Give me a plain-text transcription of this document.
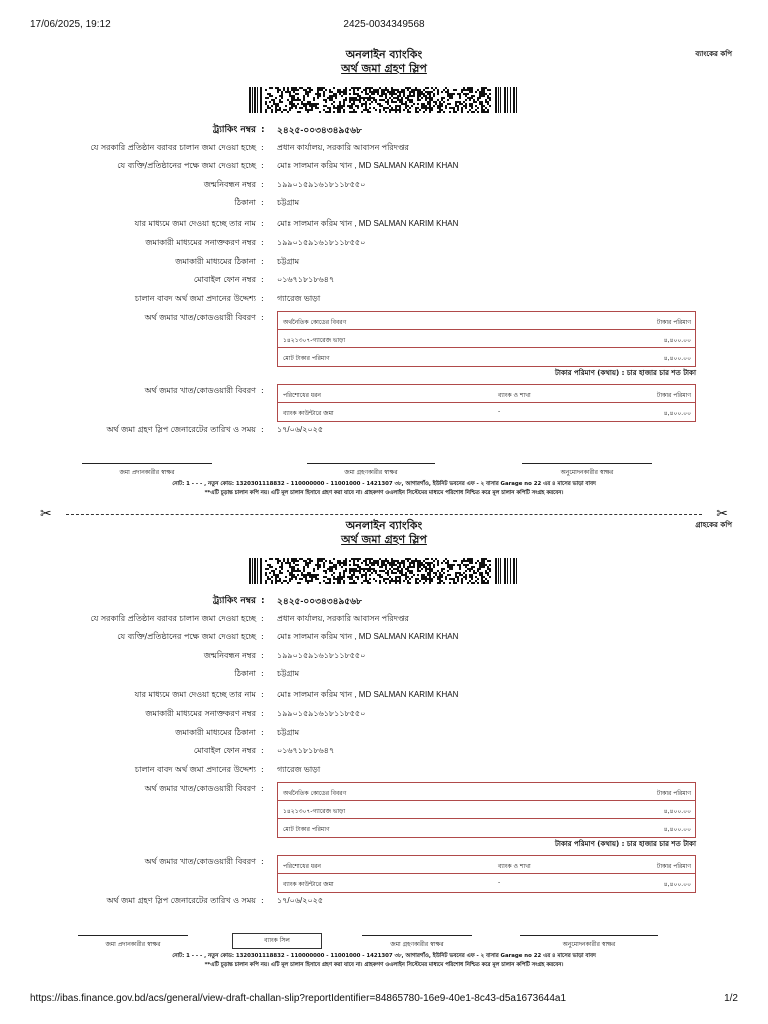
17/06/2025, 19:12	2425-0034349568
ব্যাংকের কপি
অনলাইন ব্যাংকিং
অর্থ জমা গ্রহণ স্লিপ
ট্র্যাকিং নম্বর : ২৪২৫-০০৩৪৩৪৯৫৬৮
যে সরকারি প্রতিষ্ঠান বরাবর চালান জমা দেওয়া হচ্ছে : প্রধান কার্যালয়, সরকারি আবাসন পরিদপ্তর
যে ব্যক্তি/প্রতিষ্ঠানের পক্ষে জমা দেওয়া হচ্ছে : মোঃ সালমান করিম খান , MD SALMAN KARIM KHAN
জন্মনিবন্ধন নম্বর : ১৯৯০১৫৯১৬১৮১১৮৫৫০
ঠিকানা : চট্টগ্রাম
যার মাধ্যমে জমা দেওয়া হচ্ছে তার নাম : মোঃ সালমান করিম খান , MD SALMAN KARIM KHAN
জমাকারী মাধ্যমের সনাক্তকরণ নম্বর : ১৯৯০১৫৯১৬১৮১১৮৫৫০
জমাকারী মাধ্যমের ঠিকানা : চট্টগ্রাম
মোবাইল ফোন নম্বর : ০১৬৭১৮১৮৬৪৭
চালান বাবদ অর্থ জমা প্রদানের উদ্দেশ্য : গ্যারেজ ভাড়া
অর্থ জমার খাত/কোডওয়ারী বিবরণ :
অর্থনৈতিক কোডের বিবরণ	টাকার পরিমাণ
১৪২১৩০৭-গ্যারেজ ভাড়া	৪,৪০০.০০
মোট টাকার পরিমাণ	৪,৪০০.০০
টাকার পরিমাণ (কথায়) : চার হাজার চার শত টাকা
অর্থ জমার খাত/কোডওয়ারী বিবরণ :
পরিশোধের ধরন	ব্যাংক ও শাখা	টাকার পরিমাণ
ব্যাংক কাউন্টারে জমা	-	৪,৪০০.০০
অর্থ জমা গ্রহণ স্লিপ জেনারেটের তারিখ ও সময় : ১৭/০৬/২০২৫
জমা প্রদানকারীর স্বাক্ষর	জমা গ্রহণকারীর স্বাক্ষর	অনুমোদনকারীর স্বাক্ষর
নোট: 1 - - - , নতুন কোড: 1320301118832 - 110000000 - 11001000 - 1421307 ৩৮, আগারগাঁও, ইউনিট ভবনের এফ - ২ বাসার Garage no 22 এর ৪ মাসের ভাড়া বাবদ
**এটি চূড়ান্ত চালান কপি নয়। এটি মূল চালান হিসাবে গ্রহণ করা যাবে না। গ্রাহকগণ ওএলাইন সিস্টেমের মাধ্যমে পরিশোধ নিশ্চিত করে মূল চালান কপিটি সংগ্রহ করবেন।
✂	✂
গ্রাহকের কপি
অনলাইন ব্যাংকিং
অর্থ জমা গ্রহণ স্লিপ
ট্র্যাকিং নম্বর : ২৪২৫-০০৩৪৩৪৯৫৬৮
যে সরকারি প্রতিষ্ঠান বরাবর চালান জমা দেওয়া হচ্ছে : প্রধান কার্যালয়, সরকারি আবাসন পরিদপ্তর
যে ব্যক্তি/প্রতিষ্ঠানের পক্ষে জমা দেওয়া হচ্ছে : মোঃ সালমান করিম খান , MD SALMAN KARIM KHAN
জন্মনিবন্ধন নম্বর : ১৯৯০১৫৯১৬১৮১১৮৫৫০
ঠিকানা : চট্টগ্রাম
যার মাধ্যমে জমা দেওয়া হচ্ছে তার নাম : মোঃ সালমান করিম খান , MD SALMAN KARIM KHAN
জমাকারী মাধ্যমের সনাক্তকরণ নম্বর : ১৯৯০১৫৯১৬১৮১১৮৫৫০
জমাকারী মাধ্যমের ঠিকানা : চট্টগ্রাম
মোবাইল ফোন নম্বর : ০১৬৭১৮১৮৬৪৭
চালান বাবদ অর্থ জমা প্রদানের উদ্দেশ্য : গ্যারেজ ভাড়া
অর্থ জমার খাত/কোডওয়ারী বিবরণ :
অর্থনৈতিক কোডের বিবরণ	টাকার পরিমাণ
১৪২১৩০৭-গ্যারেজ ভাড়া	৪,৪০০.০০
মোট টাকার পরিমাণ	৪,৪০০.০০
টাকার পরিমাণ (কথায়) : চার হাজার চার শত টাকা
অর্থ জমার খাত/কোডওয়ারী বিবরণ :
পরিশোধের ধরন	ব্যাংক ও শাখা	টাকার পরিমাণ
ব্যাংক কাউন্টারে জমা	-	৪,৪০০.০০
অর্থ জমা গ্রহণ স্লিপ জেনারেটের তারিখ ও সময় : ১৭/০৬/২০২৫
জমা প্রদানকারীর স্বাক্ষর
ব্যাংক সিল
জমা গ্রহণকারীর স্বাক্ষর	অনুমোদনকারীর স্বাক্ষর
নোট: 1 - - - , নতুন কোড: 1320301118832 - 110000000 - 11001000 - 1421307 ৩৮, আগারগাঁও, ইউনিট ভবনের এফ - ২ বাসার Garage no 22 এর ৪ মাসের ভাড়া বাবদ
**এটি চূড়ান্ত চালান কপি নয়। এটি মূল চালান হিসাবে গ্রহণ করা যাবে না। গ্রাহকগণ ওএলাইন সিস্টেমের মাধ্যমে পরিশোধ নিশ্চিত করে মূল চালান কপিটি সংগ্রহ করবেন।
https://ibas.finance.gov.bd/acs/general/view-draft-challan-slip?reportIdentifier=84865780-16e9-40e1-8c43-d5a1673644a1	1/2
